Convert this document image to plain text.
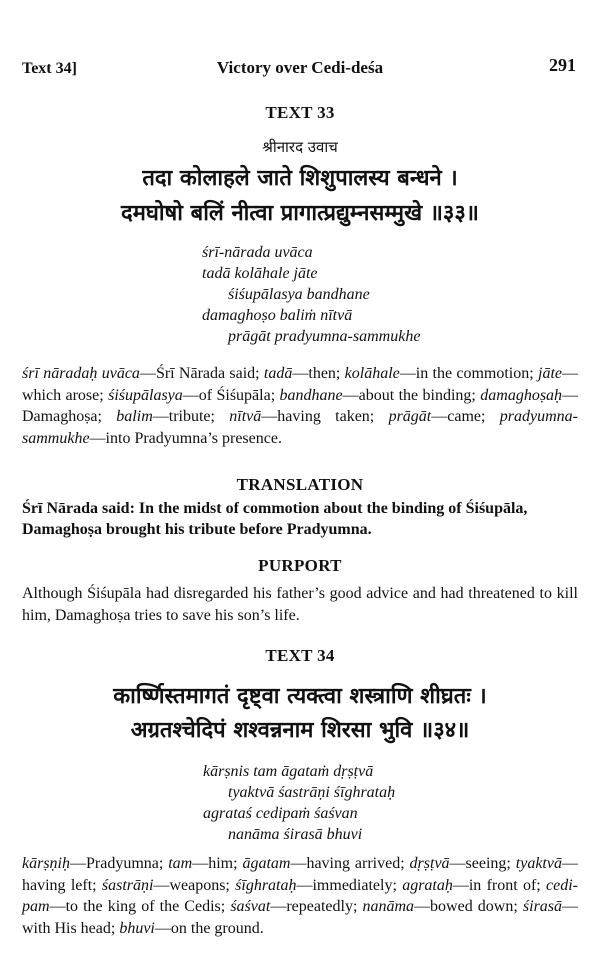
Text 34]	Victory over Cedi-deśa	291
TEXT 33
श्रीनारद उवाच
तदा कोलाहले जाते शिशुपालस्य बन्धने ।
दमघोषो बलिं नीत्वा प्रागात्प्रद्युम्नसम्मुखे ॥३३॥
śrī-nārada uvāca
tadā kolāhale jāte
śiśupālasya bandhane
damaghoṣo baliṁ nītvā
prāgāt pradyumna-sammukhe
śrī nāradaḥ uvāca—Śrī Nārada said; tadā—then; kolāhale—in the commotion; jāte—which arose; śiśupālasya—of Śiśupāla; bandhane—about the binding; damaghoṣaḥ—Damaghoṣa; balim—tribute; nītvā—having taken; prāgāt—came; pradyumna-sammukhe—into Pradyumna’s presence.
TRANSLATION
Śrī Nārada said: In the midst of commotion about the binding of Śiśupāla, Damaghoṣa brought his tribute before Pradyumna.
PURPORT
Although Śiśupāla had disregarded his father’s good advice and had threatened to kill him, Damaghoṣa tries to save his son’s life.
TEXT 34
कार्ष्णिस्तमागतं दृष्ट्वा त्यक्त्वा शस्त्राणि शीघ्रतः ।
अग्रतश्चेदिपं शश्वन्ननाम शिरसा भुवि ॥३४॥
kārṣnis tam āgataṁ dṛṣṭvā
tyaktvā śastrāṇi śīghrataḥ
agrataś cedipaṁ śaśvan
nanāma śirasā bhuvi
kārṣṇiḥ—Pradyumna; tam—him; āgatam—having arrived; dṛṣṭvā—seeing; tyaktvā—having left; śastrāṇi—weapons; śīghrataḥ—immediately; agrataḥ—in front of; cedi-pam—to the king of the Cedis; śaśvat—repeatedly; nanāma—bowed down; śirasā—with His head; bhuvi—on the ground.
